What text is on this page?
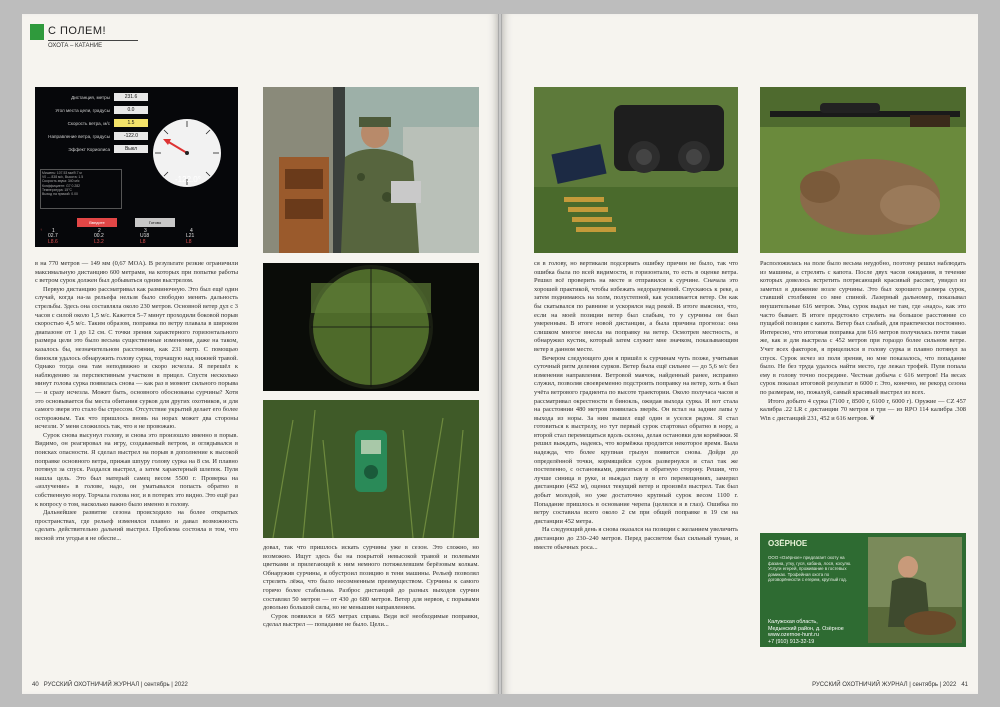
С ПОЛЕМ!
ОХОТА – КАТАНИЕ
Дистанция, метры	231.6
Угол места цели, градусы	0.0
Скорость ветра, м/с	1.5
Направление ветра, градусы	-122.0
Эффект Кориолиса	Выкл
-122.0°
Мишень: 107.53 мм/9.7 м
V0 — 838 м/с, Высота: 1.5
Скорость звука: 340 м/с
Коэффициент: G7 0.282
Температура: 15°C
Выход на прямой: 0.00
Введите	Готово
1	2	3	4
↑
02.7	00.2	U18	L21
L8.6	L3.2	L8	L8

в на 770 метров — 149 мм (0,67 MOA). В результате резкие ограничили максимальную дистанцию 600 метрами, на которых при попытке работы с ветром сурок должен был добываться одним выстрелом.

Первую дистанцию рассматривал как разминочную. Это был ещё один случай, когда на-за рельефа нельзя было свободно менять дальность стрельбы. Здесь она составляла около 230 метров. Основной ветер дул с 3 часов с силой около 1,5 м/с. Кажется 5–7 минут проходили боковой порыв скоростью 4,5 м/с. Таким образом, поправка по ветру плавала в широком диапазоне от 1 до 12 см. С точки зрения характерного горизонтального размера цели это было весьма существенные изменения, даже на таком, казалось бы, незначительном расстоянии, как 231 метр. С помощью бинокля удалось обнаружить голову сурка, торчащую над нижней травой. Однако тогда она там неподвижно и скоро исчезла. Я перешёл к наблюдению за перспективным участком в прицел. Спустя несколько минут голова сурка появилась снова — как раз в момент сильного порыва — и сразу исчезла. Может быть, основного обоснованы сурчины? Хотя это основывается бы места обитания сурков для других охотников, и для самого зверя это стало бы стрессом. Отсутствие укрытий делает его более осторожным. Так что пришлось вновь на норах может два стороны исчезли. У меня сложилось так, что я не провожаю.

Сурок снова высунул голову, и снова это произошло именно в порыв. Видимо, он реагировал на игру, создаваемый ветром, и оглядывался в поисках опасности. Я сделал выстрел на порыв в дополнение к высокой поправке основного ветра, прижав шпуру голову сурка на 8 см. И плавно потянул за спуск. Раздался выстрел, а затем характерный шлепок. Пуля нашла цель. Это был матерый самец весом 5500 г. Проверка на «излучение» в голове, надо, он уматывался попасть обратно в собственную нору. Торчала голова ног, и в потерях это видно. Это ещё раз к вопросу о том, насколько важно было именно в голову.

Дальнейшее развитие сезона происходило на более открытых пространствах, где рельеф изменялся плавно и давал возможность сделать действительно дальний выстрел. Проблема состояла в том, что весной эти угодья я не обеспе...

довал, так что пришлось искать сурчины уже в сезон. Это сложно, но возможно. Ищут здесь бы на покрытой невысокой травой и полевыми цветками и прилегающей к ним немного потяжелевшим берёзовым колкам. Обнаружив сурчины, я обустроил позицию в тени машины. Рельеф позволял стрелять лёжа, что было несомненным преимуществом. Сурчины к самого горячо более стабильна. Разброс дистанций до разных выходов сурчин составлял 50 метров — от 430 до 680 метров. Ветер для нервов, с порывами довольно большой силы, но не меньшим направлением.

Сурок появился в 665 метрах справа. Ведя всё необходимые поправки, сделал выстрел — попадание не было. Цели...

40 РУССКИЙ ОХОТНИЧИЙ ЖУРНАЛ | сентябрь | 2022

ся в голову, но вертикали подсервать ошибку причин не было, так что ошибка была по всей видимости, в горизонтали, то есть в оценке ветра. Решил всё проверить на месте и отправился к сурчине. Сначала это хорошей практикой, чтобы избежать недоразумений. Спускаюсь к реке, а затем поднимаюсь на холм, полустепной, как усиливается ветер. Он как бы скатывался по равнине и ускорялся над рекой. В итоге выяснил, что, если на моей позиции ветер был слабым, то у сурчины он был умеренным. В итоге новой дистанции, а была причина прогноза: она слишком многое внесла на поправку на ветер. Осмотрев местность, я обнаружил кустик, который затем служит мне значком, показывающим ветер в данном месте.

Вечером следующего дня я пришёл к сурчинам чуть позже, учитывая суточный ритм деления сурков. Ветер была ещё сильнее — до 5,6 м/с без изменения направления. Ветровой маячок, найденный ранее, исправно служил, позволяя своевременно подстроить поправку на ветер, хоть я был учёта ветрового градиента по высоте траектории. Около получаса часов я рассматривал окрестности в бинокль, ожидая выхода сурка. И вот стала на расстоянии 480 метров появилась зверёк. Он встал на задние лапы у выхода из норы. За ним вышел ещё один и уселся рядом. Я стал готовиться к выстрелу, но тут первый сурок стартовал обратно в нору, а второй стал перемещаться вдоль склона, делая остановки для кормёжки. Я решил выждать, надеясь, что кормёжка продлится некоторое время. Была надежда, что более крупная грызун появится снова. Дойди до определённой точки, кормящийся сурок развернулся и стал так же постепенно, с остановками, двигаться в обратную сторону. Решив, что лучше синица в руке, и выждал паузу в его перемещениях, замерил дистанцию (452 м), оценил текущий ветер и произвёл выстрел. Так был добыт молодой, но уже достаточно крупный сурок весом 1100 г. Попадание пришлось в основание черепа (целился я в глаз). Ошибка по ветру составила всего около 2 см при общей поправке в 19 см на дистанции 452 метра.

На следующий день я снова оказался на позиции с желанием увеличить дистанцию до 230–240 метров. Перед рассветом был сильный туман, и вместе обычных роса...

Расположилась на поле было весьма неудобно, поэтому решил наблюдать из машины, а стрелять с капота. После двух часов ожидания, в течение которых довелось встретить потрясающий красивый рассвет, увидел из заметил я движение возле сурчины. Это был хорошего размера сурок, ставший столбиком со мне спиной. Лазерный дальномер, показывал внушительные 616 метров. Увы, сурок выдал не там, где «надо», как это часто бывает. В итоге предстояло стрелять на большое расстояние со пущабой позиции с капота. Ветер был слабый, для практически постоянно. Интересно, что итоговая поправка для 616 метров получилась почти такая же, как и для выстрела с 452 метров при гораздо более сильном ветре. Учет всех факторов, я прицелился в голову сурка и плавно потянул за спуск. Сурок исчез из поля зрения, но мне показалось, что попадание было. Не без труда удалось найти место, где лежал трофей. Пуля попала ему в голову точно посредине. Честная добыча с 616 метров! На весах сурок показал итоговой результат в 6000 г. Это, конечно, не рекорд сезона по размерам, но, пожалуй, самый красивый выстрел из всех.

Итого добыто 4 сурка (7100 г, 8500 г, 6100 г, 6000 г). Оружие — CZ 457 калибра .22 LR с дистанции 70 метров и три — из RPO 114 калибра .308 Win с дистанций 231, 452 и 616 метров. ❦

ОЗЁРНОЕ
ООО «Озёрное» предлагает охоту на фазана, утку, гуся, кабана, лося, косулю. Услуги егерей, проживание в гостевых домиках. Трофейная охота по договорённости с егерем, круглый год.
Калужская область,
Медынский район, д. Озёрное
www.ozernoe-hunt.ru
+7 (910) 913-32-19
РУССКИЙ ОХОТНИЧИЙ ЖУРНАЛ | сентябрь | 2022 41
